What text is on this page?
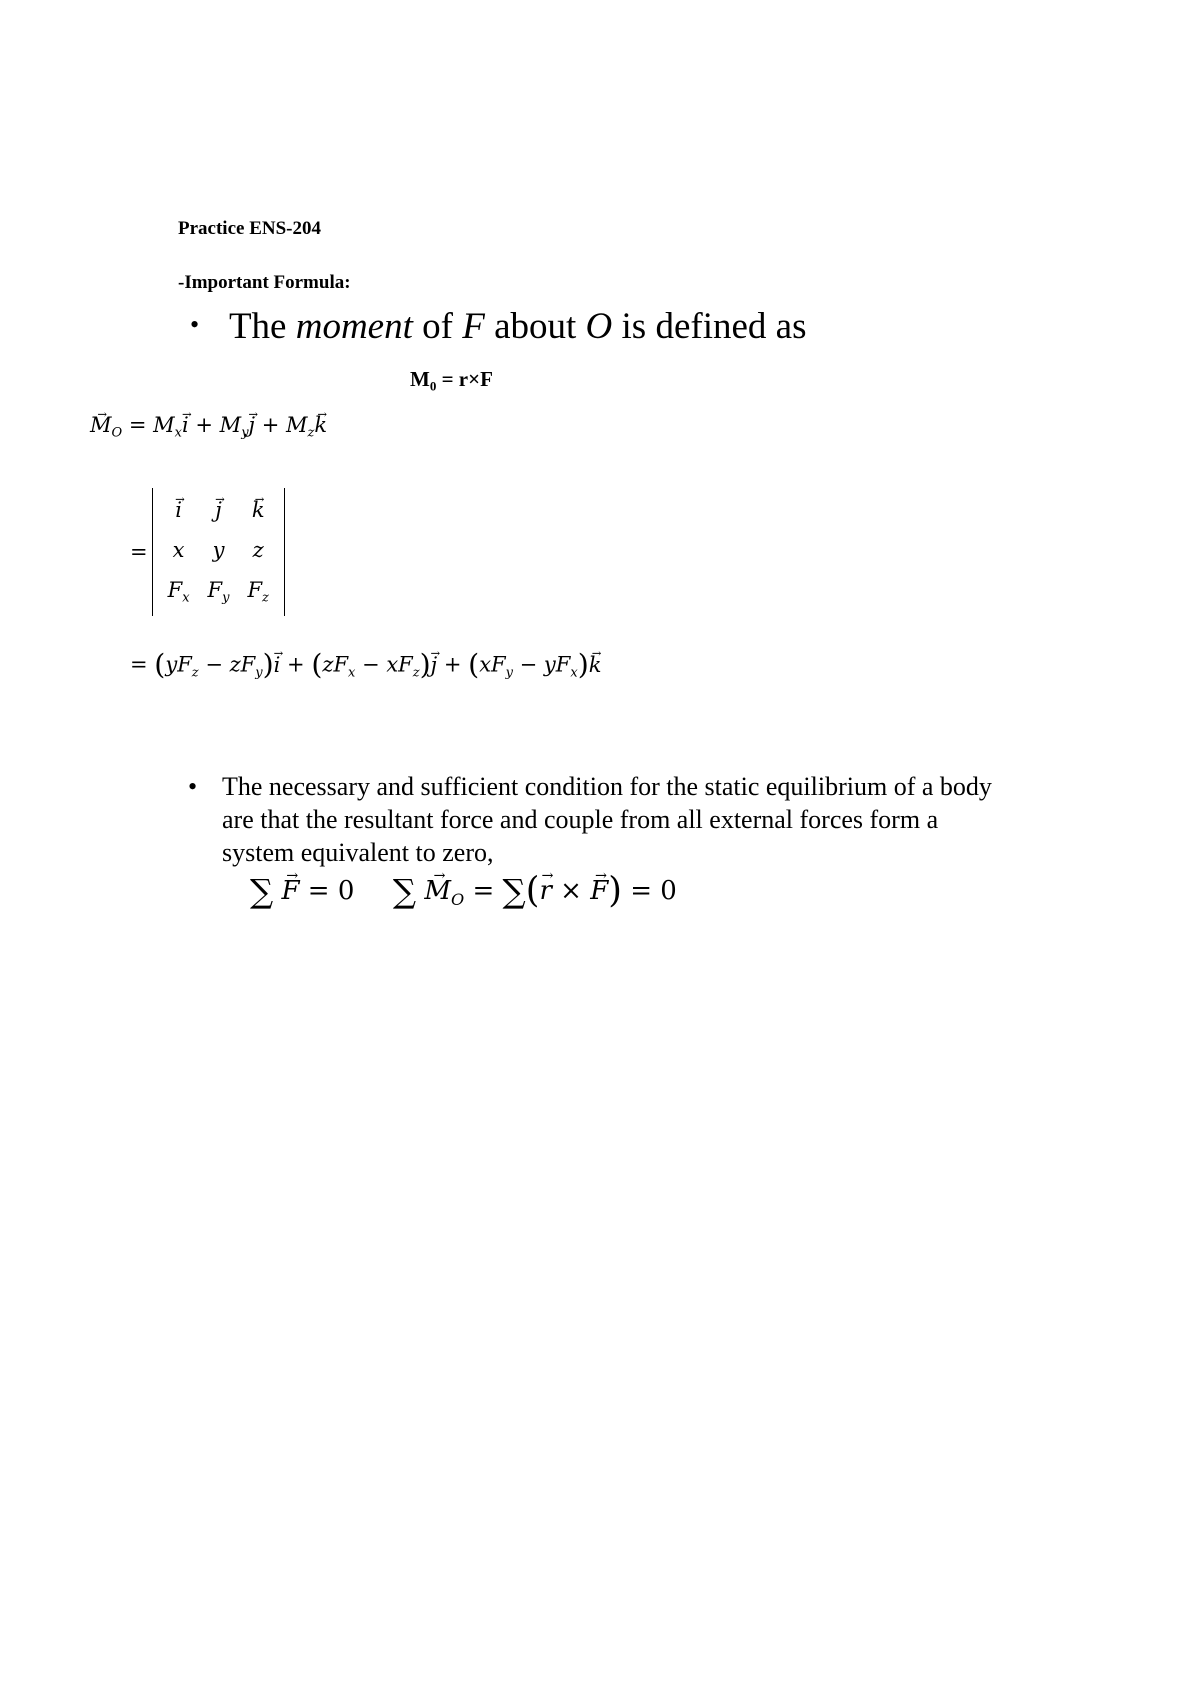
Practice ENS-204
-Important Formula:
• The moment of F about O is defined as
$M_0 = r\times F$
→ $M_O = M_x\to i + M_y\to j + M_z\to k$
=
→ i	→ j	→ k
x	y	z
$F_x$	$F_y$	$F_z$
= $(yF_z - zF_y)\to i + (zF_x - xF_z)\to j + (xF_y - yF_x)\to k$
• The necessary and sufficient condition for the static equilibrium of a body are that the resultant force and couple from all external forces form a system equivalent to zero,
∑ → F = 0 ∑ → $M_O$ = ∑(→ r × → F) = 0
